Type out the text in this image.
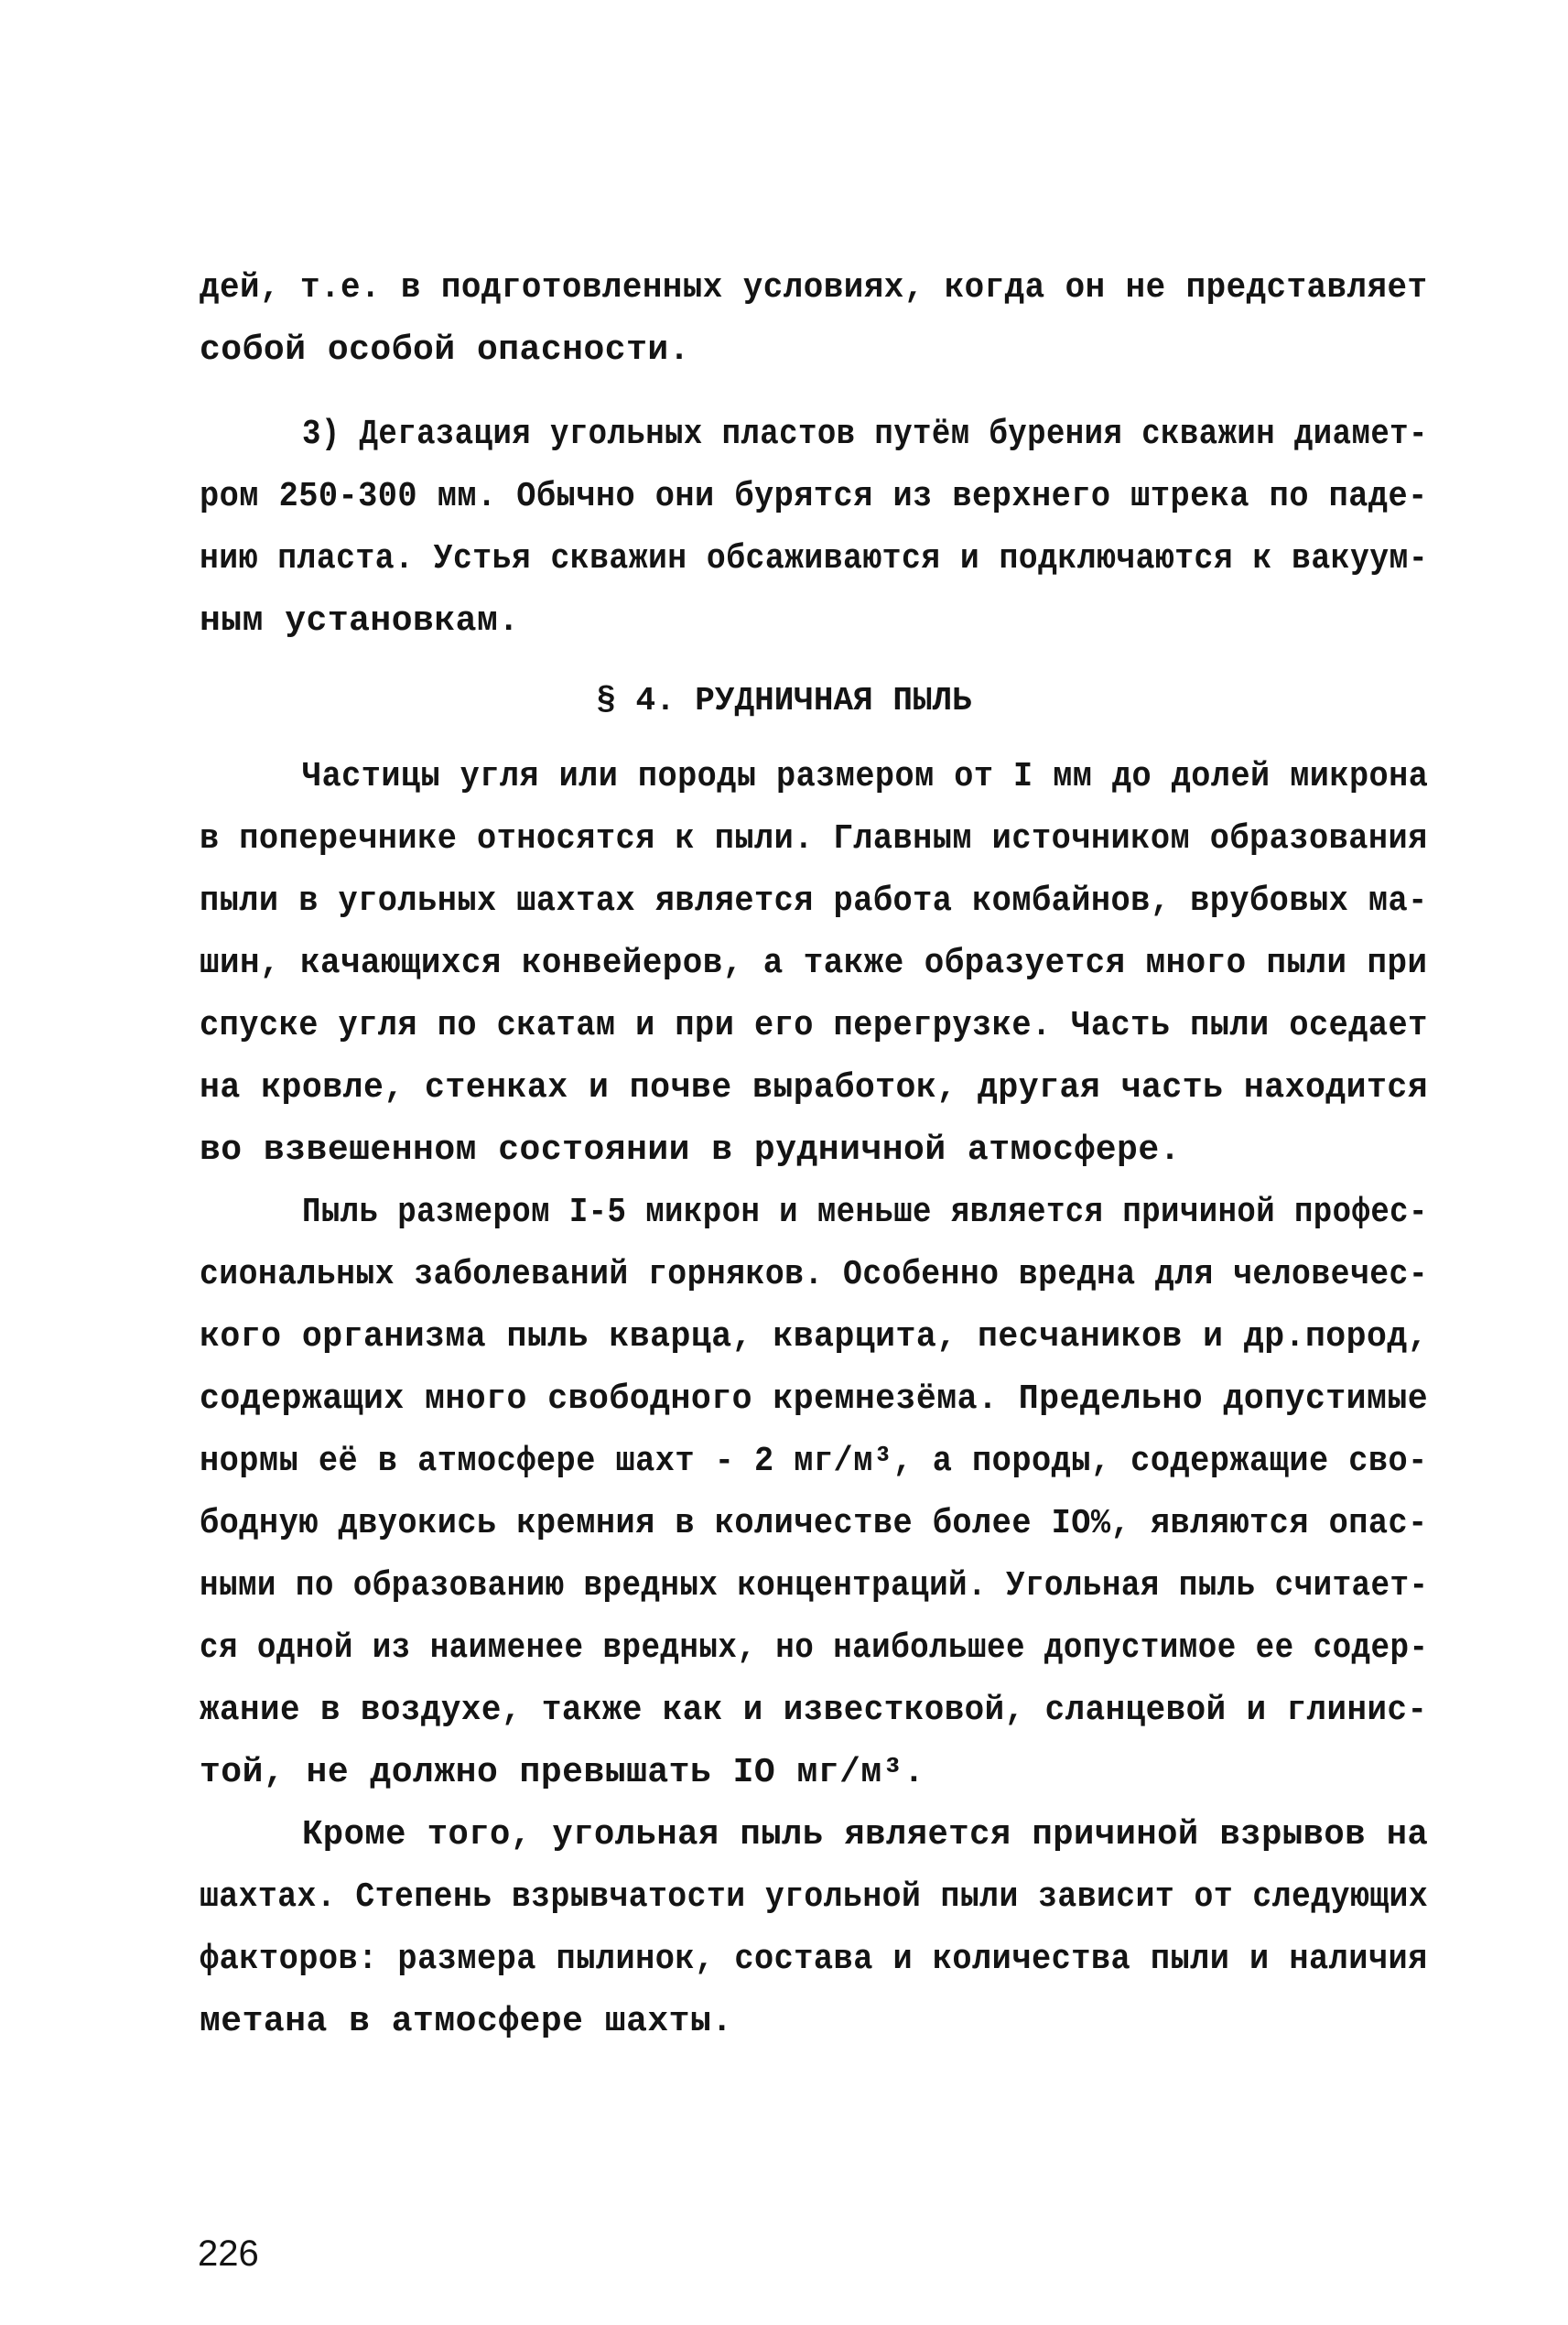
дей, т.е. в подготовленных условиях, когда он не представляет
собой особой опасности.
3) Дегазация угольных пластов путём бурения скважин диамет-
ром 250-300 мм. Обычно они бурятся из верхнего штрека по паде-
нию пласта. Устья скважин обсаживаются и подключаются к вакуум-
ным установкам.
§ 4. РУДНИЧНАЯ ПЫЛЬ
Частицы угля или породы размером от I мм до долей микрона
в поперечнике относятся к пыли. Главным источником образования
пыли в угольных шахтах является работа комбайнов, врубовых ма-
шин, качающихся конвейеров, а также образуется много пыли при
спуске угля по скатам и при его перегрузке. Часть пыли оседает
на кровле, стенках и почве выработок, другая часть находится
во взвешенном состоянии в рудничной атмосфере.
Пыль размером I-5 микрон и меньше является причиной профес-
сиональных заболеваний горняков. Особенно вредна для человечес-
кого организма пыль кварца, кварцита, песчаников и др.пород,
содержащих много свободного кремнезёма. Предельно допустимые
нормы её в атмосфере шахт - 2 мг/м³, а породы, содержащие сво-
бодную двуокись кремния в количестве более IO%, являются опас-
ными по образованию вредных концентраций. Угольная пыль считает-
ся одной из наименее вредных, но наибольшее допустимое ее содер-
жание в воздухе, также как и известковой, сланцевой и глинис-
той, не должно превышать IO мг/м³.
Кроме того, угольная пыль является причиной взрывов на
шахтах. Степень взрывчатости угольной пыли зависит от следующих
факторов: размера пылинок, состава и количества пыли и наличия
метана в атмосфере шахты.
226
